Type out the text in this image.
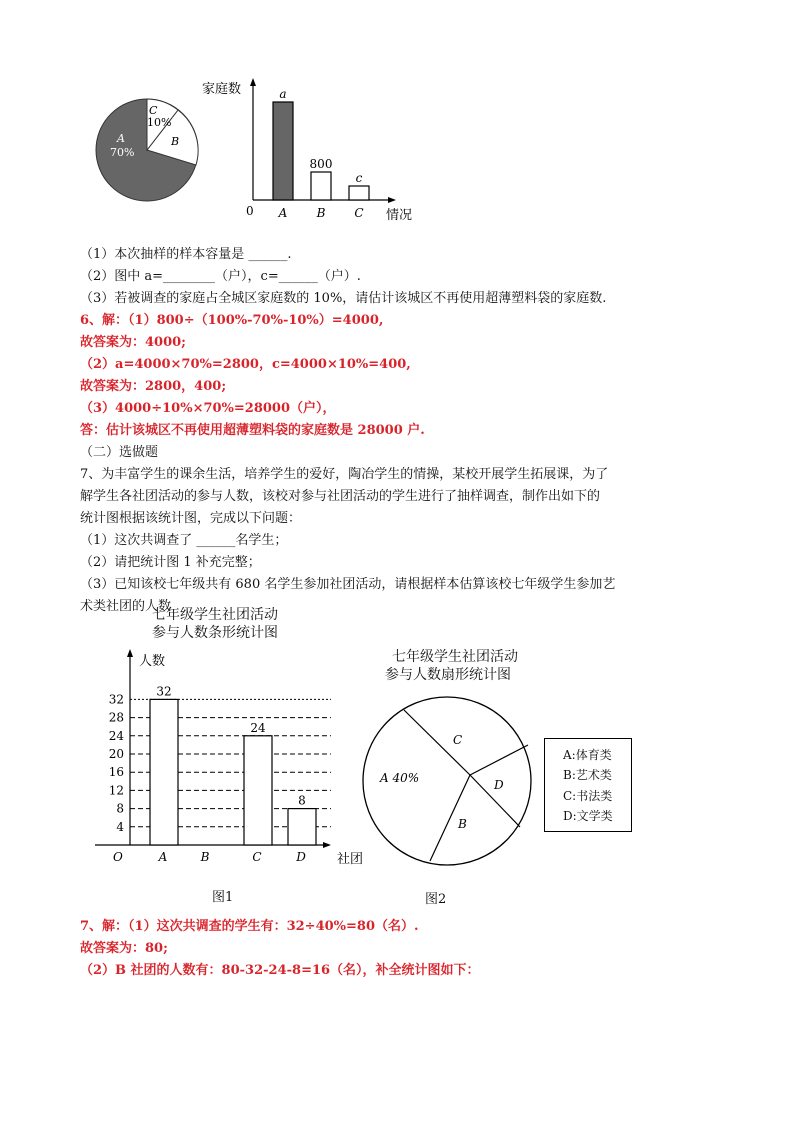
C
10%
B
A
70%
家庭数
情况
0
a
A
800
B
c
C
（1）本次抽样的样本容量是 ______.
（2）图中 a=________（户），c=______（户）.
（3）若被调查的家庭占全城区家庭数的 10%，请估计该城区不再使用超薄塑料袋的家庭数.
6、解：（1）800÷（100%-70%-10%）=4000,
故答案为：4000;
（2）a=4000×70%=2800，c=4000×10%=400,
故答案为：2800，400;
（3）4000÷10%×70%=28000（户），
答：估计该城区不再使用超薄塑料袋的家庭数是 28000 户.
（二）选做题
7、为丰富学生的课余生活，培养学生的爱好，陶冶学生的情操，某校开展学生拓展课，为了
解学生各社团活动的参与人数，该校对参与社团活动的学生进行了抽样调查，制作出如下的
统计图根据该统计图，完成以下问题：
（1）这次共调查了 ______名学生；
（2）请把统计图 1 补充完整；
（3）已知该校七年级共有 680 名学生参加社团活动，请根据样本估算该校七年级学生参加艺
术类社团的人数
七年级学生社团活动
参与人数条形统计图
人数
社团
O
4
8
12
16
20
24
28
32
32
A	B
24
C
8
D
图1
七年级学生社团活动
参与人数扇形统计图
C
A 40%	D
B
图2
A:体育类
B:艺术类
C:书法类
D:文学类
7、解：（1）这次共调查的学生有：32÷40%=80（名）.
故答案为：80;
（2）B 社团的人数有：80-32-24-8=16（名），补全统计图如下：
